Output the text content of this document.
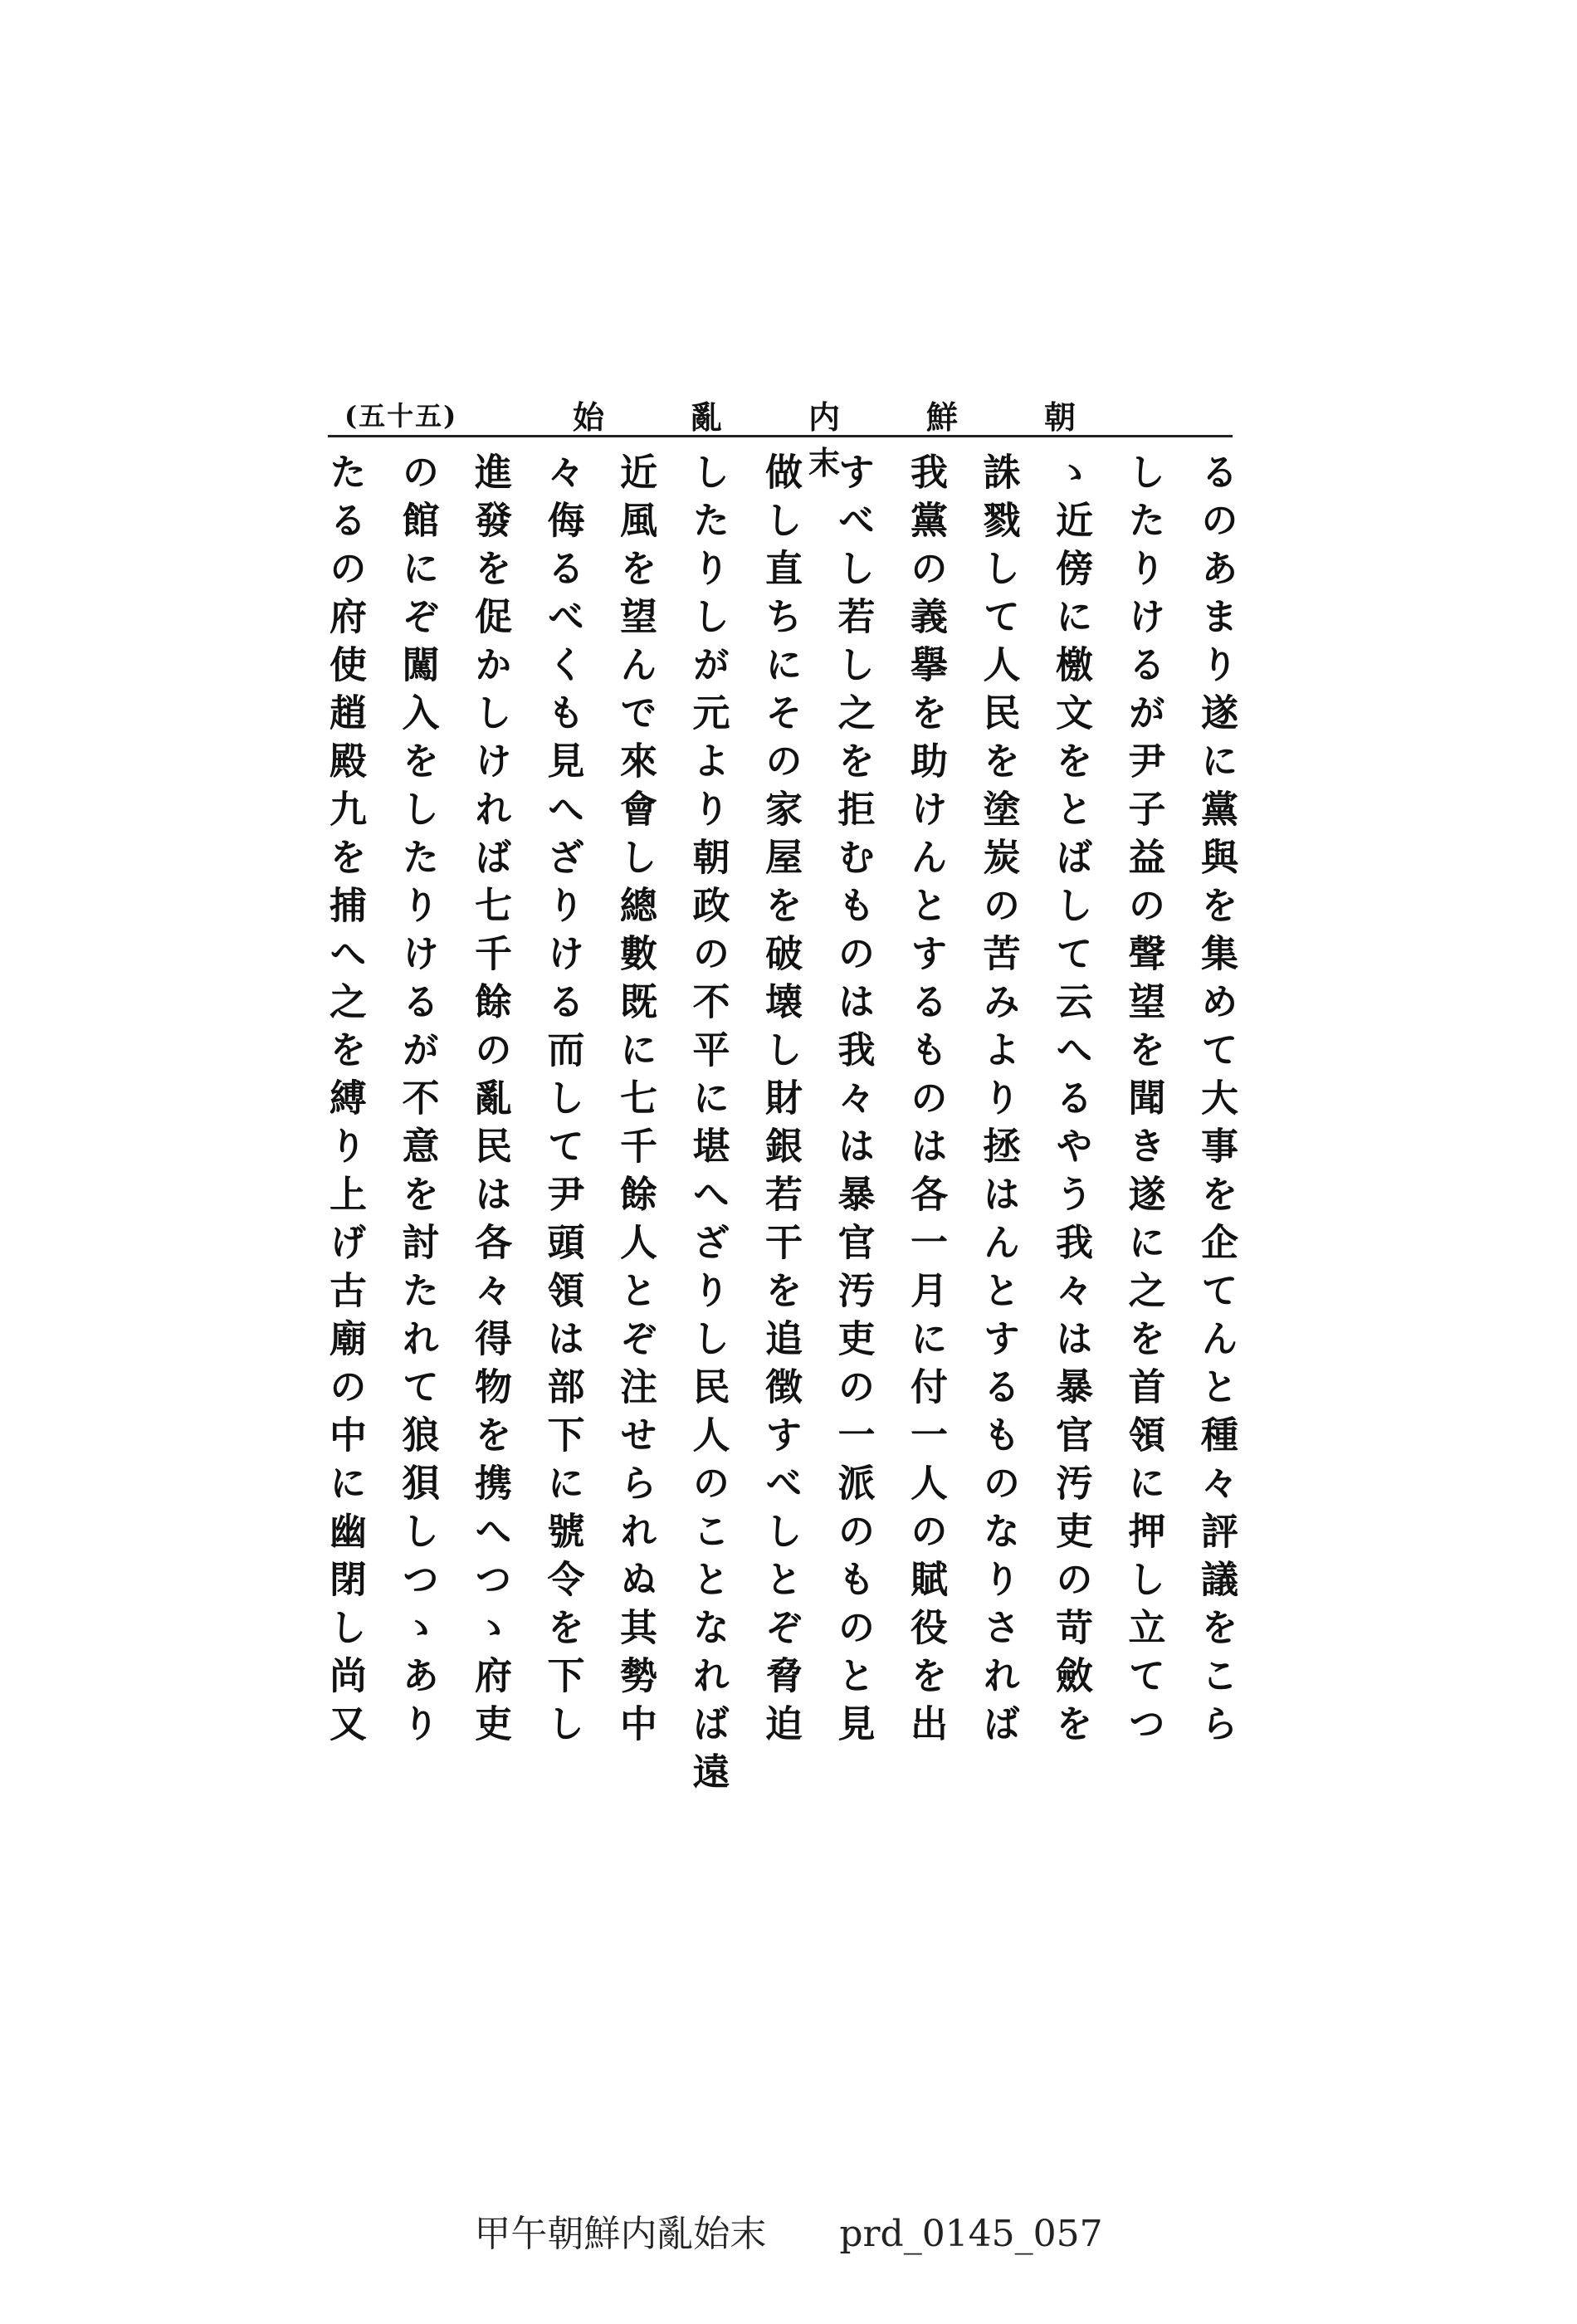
(五十五)	朝鮮内亂始末	るのあまり遂に黨與を集めて大事を企てんと種々評議をこら
したりけるが尹子益の聲望を聞き遂に之を首領に押し立てつ
ゝ近傍に檄文をとばして云へるやう我々は暴官汚吏の苛斂を
誅戮して人民を塗炭の苦みより拯はんとするものなりされば
我黨の義擧を助けんとするものは各一月に付一人の賦役を出
すべし若し之を拒むものは我々は暴官汚吏の一派のものと見
做し直ちにその家屋を破壊し財銀若干を追徴すべしとぞ脅迫
したりしが元より朝政の不平に堪へざりし民人のことなれば遠
近風を望んで來會し總數既に七千餘人とぞ注せられぬ其勢中
々侮るべくも見へざりける而して尹頭領は部下に號令を下し
進發を促かしければ七千餘の亂民は各々得物を携へつゝ府吏
の館にぞ闖入をしたりけるが不意を討たれて狼狽しつゝあり
たるの府使趙殿九を捕へ之を縛り上げ古廟の中に幽閉し尚又
甲午朝鮮内亂始末　　prd_0145_057
